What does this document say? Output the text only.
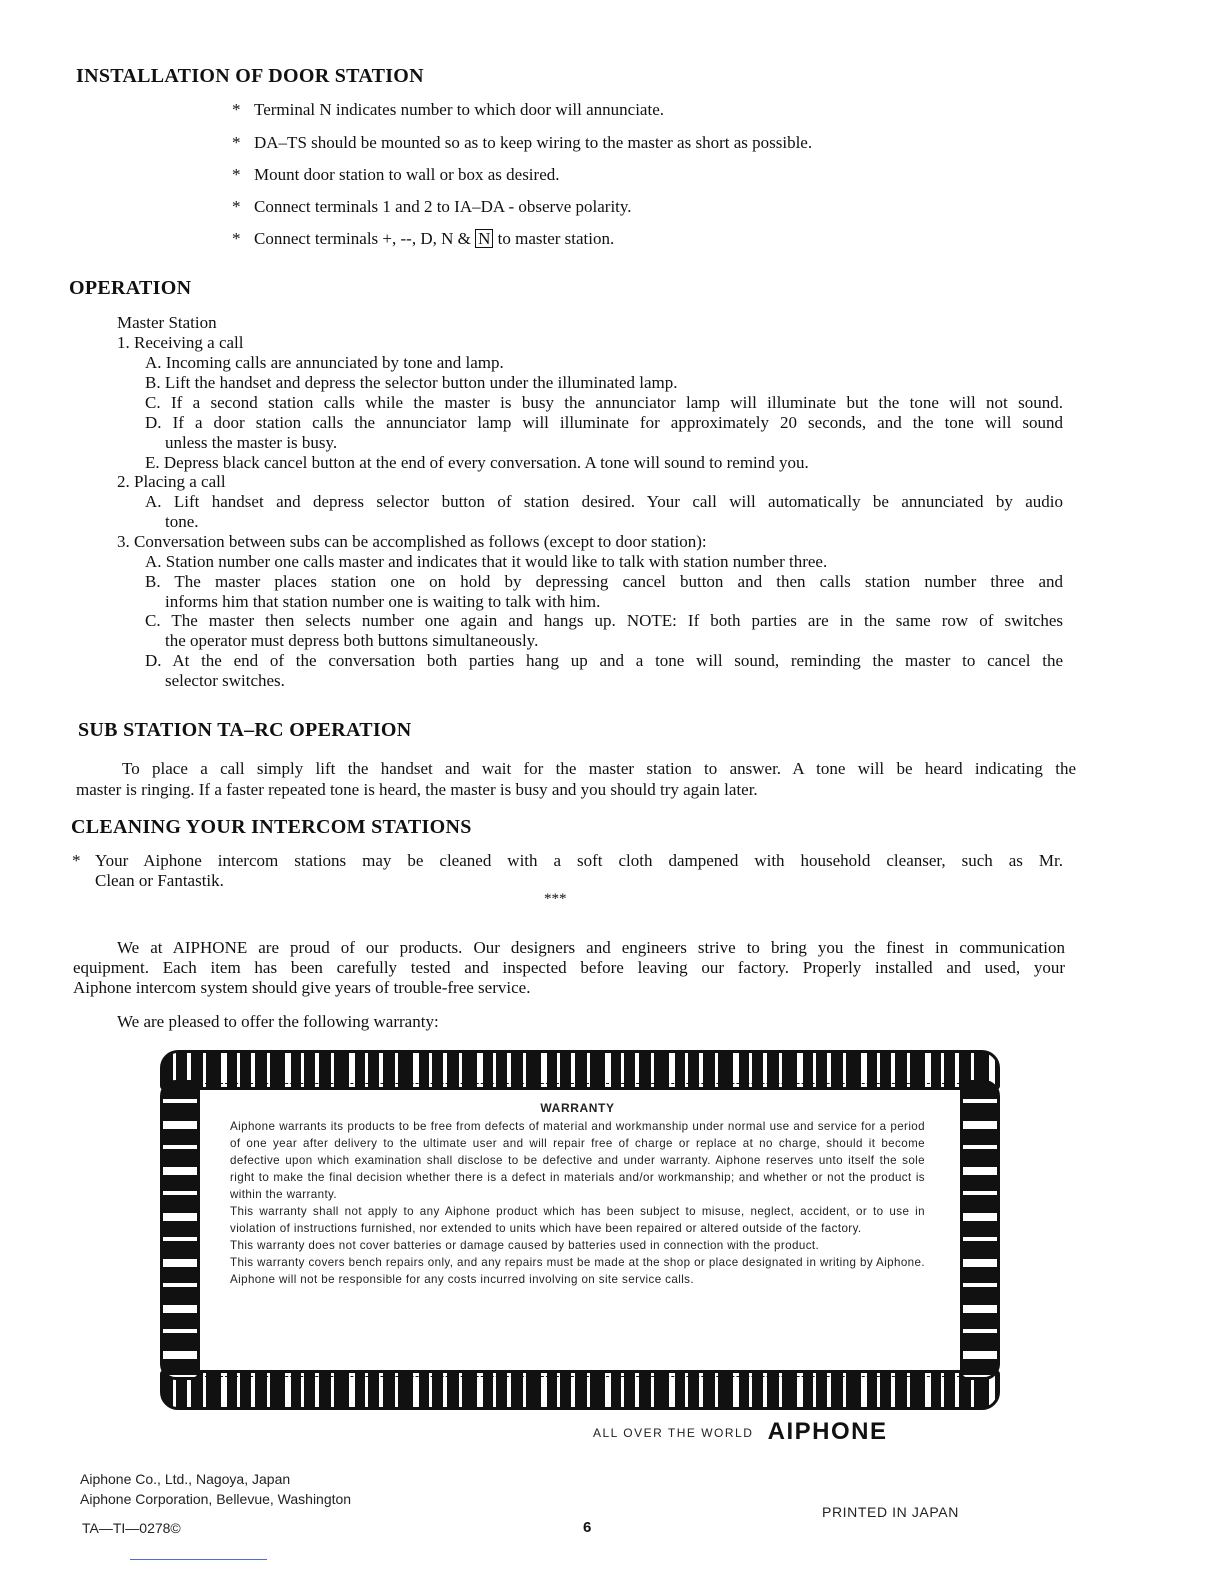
INSTALLATION OF DOOR STATION
* Terminal N indicates number to which door will annunciate.
* DA–TS should be mounted so as to keep wiring to the master as short as possible.
* Mount door station to wall or box as desired.
* Connect terminals 1 and 2 to IA–DA - observe polarity.
* Connect terminals +, --, D, N & N to master station.
OPERATION
Master Station
1. Receiving a call
A. Incoming calls are annunciated by tone and lamp.
B. Lift the handset and depress the selector button under the illuminated lamp.
C. If a second station calls while the master is busy the annunciator lamp will illuminate but the tone will not sound.
D. If a door station calls the annunciator lamp will illuminate for approximately 20 seconds, and the tone will sound
unless the master is busy.
E. Depress black cancel button at the end of every conversation. A tone will sound to remind you.
2. Placing a call
A. Lift handset and depress selector button of station desired. Your call will automatically be annunciated by audio
tone.
3. Conversation between subs can be accomplished as follows (except to door station):
A. Station number one calls master and indicates that it would like to talk with station number three.
B. The master places station one on hold by depressing cancel button and then calls station number three and
informs him that station number one is waiting to talk with him.
C. The master then selects number one again and hangs up. NOTE: If both parties are in the same row of switches
the operator must depress both buttons simultaneously.
D. At the end of the conversation both parties hang up and a tone will sound, reminding the master to cancel the
selector switches.
SUB STATION TA–RC OPERATION
To place a call simply lift the handset and wait for the master station to answer. A tone will be heard indicating the
master is ringing. If a faster repeated tone is heard, the master is busy and you should try again later.
CLEANING YOUR INTERCOM STATIONS
* Your Aiphone intercom stations may be cleaned with a soft cloth dampened with household cleanser, such as Mr.
Clean or Fantastik.
***
We at AIPHONE are proud of our products. Our designers and engineers strive to bring you the finest in communication
equipment. Each item has been carefully tested and inspected before leaving our factory. Properly installed and used, your
Aiphone intercom system should give years of trouble-free service.
We are pleased to offer the following warranty:
WARRANTY

Aiphone warrants its products to be free from defects of material and workmanship under normal use and service for a period of one year after delivery to the ultimate user and will repair free of charge or replace at no charge, should it become defective upon which examination shall disclose to be defective and under warranty. Aiphone reserves unto itself the sole right to make the final decision whether there is a defect in materials and/or workmanship; and whether or not the product is within the warranty.

This warranty shall not apply to any Aiphone product which has been subject to misuse, neglect, accident, or to use in violation of instructions furnished, nor extended to units which have been repaired or altered outside of the factory.

This warranty does not cover batteries or damage caused by batteries used in connection with the product.

This warranty covers bench repairs only, and any repairs must be made at the shop or place designated in writing by Aiphone. Aiphone will not be responsible for any costs incurred involving on site service calls.

ALL OVER THE WORLD AIPHONE
Aiphone Co., Ltd., Nagoya, Japan
Aiphone Corporation, Bellevue, Washington
TA—TI—0278©	6
PRINTED IN JAPAN
